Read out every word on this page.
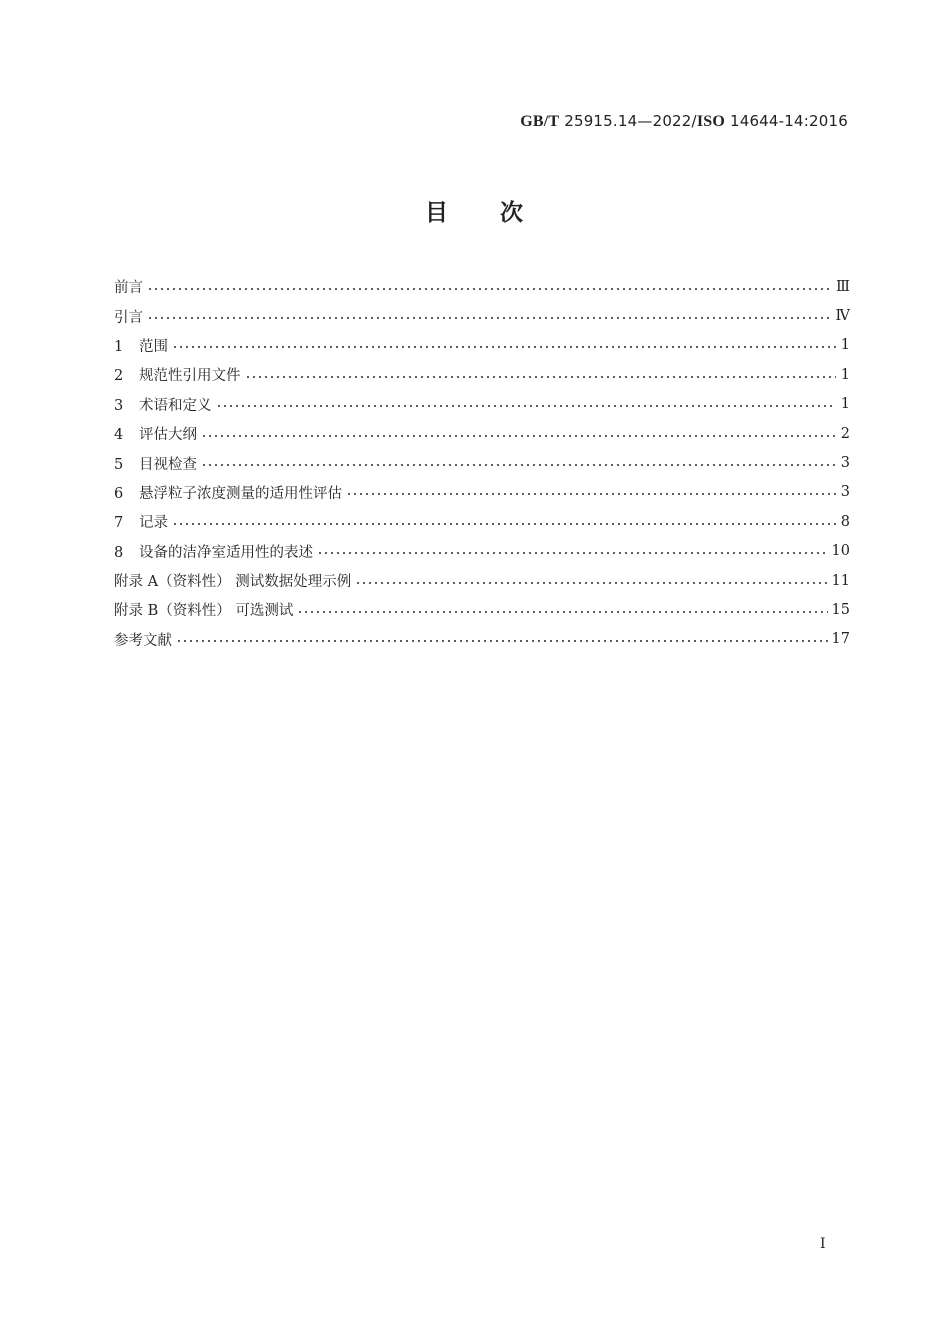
GB/T 25915.14—2022/ISO 14644-14:2016
目 次
前言	Ⅲ
引言	Ⅳ
1 范围	1
2 规范性引用文件	1
3 术语和定义	1
4 评估大纲	2
5 目视检查	3
6 悬浮粒子浓度测量的适用性评估	3
7 记录	8
8 设备的洁净室适用性的表述	10
附录 A（资料性） 测试数据处理示例	11
附录 B（资料性） 可选测试	15
参考文献	17
I
